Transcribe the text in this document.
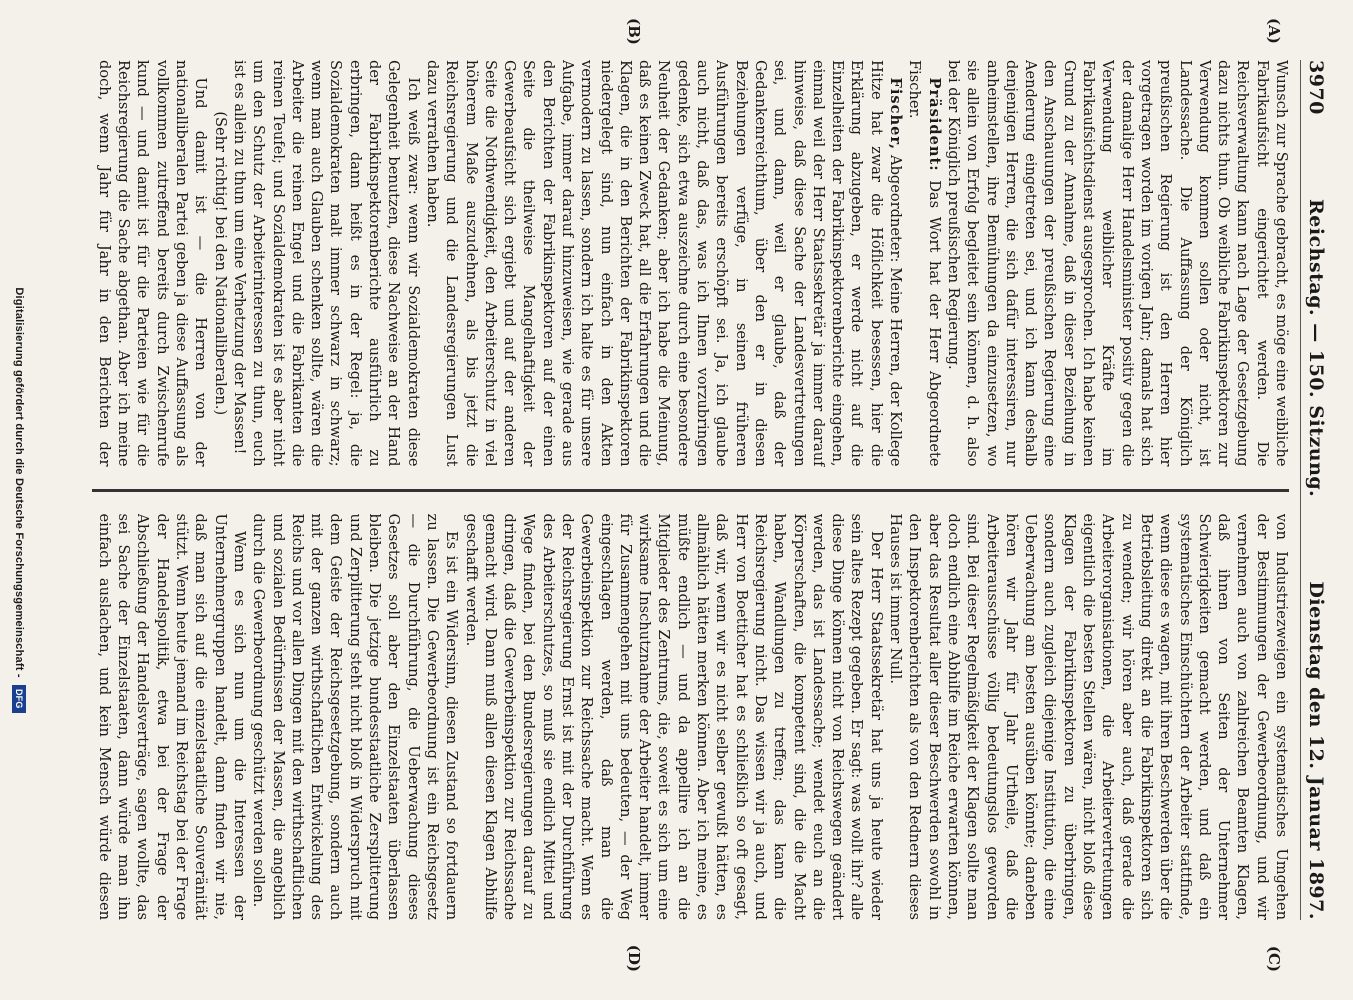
3970
Reichstag. — 150. Sitzung.
Dienstag den 12. Januar 1897.
(A)
(B)
(C)
(D)

Wunsch zur Sprache gebracht, es möge eine weibliche Fabrikaufsicht eingerichtet werden. Die Reichsverwaltung kann nach Lage der Gesetzgebung dazu nichts thun. Ob weibliche Fabrikinspektoren zur Verwendung kommen sollen oder nicht, ist Landessache. Die Auffassung der Königlich preußischen Regierung ist den Herren hier vorgetragen worden im vorigen Jahr; damals hat sich der damalige Herr Handelsminister positiv gegen die Verwendung weiblicher Kräfte im Fabrikaufsichtsdienst ausgesprochen. Ich habe keinen Grund zu der Annahme, daß in dieser Beziehung in den Anschauungen der preußischen Regierung eine Aenderung eingetreten sei, und ich kann deshalb denjenigen Herren, die sich dafür interessiren, nur anheimstellen, ihre Bemühungen da einzusetzen, wo sie allein von Erfolg begleitet sein können, d. h. also bei der Königlich preußischen Regierung.

Präsident: Das Wort hat der Herr Abgeordnete Fischer.

Fischer, Abgeordneter: Meine Herren, der Kollege Hitze hat zwar die Höflichkeit besessen, hier die Erklärung abzugeben, er werde nicht auf die Einzelheiten der Fabrikinspektorenberichte eingehen, einmal weil der Herr Staatssekretär ja immer darauf hinweise, daß diese Sache der Landesvertretungen sei, und dann, weil er glaube, daß der Gedankenreichthum, über den er in diesen Beziehungen verfüge, in seinen früheren Ausführungen bereits erschöpft sei. Ja, ich glaube auch nicht, daß das, was ich Ihnen vorzubringen gedenke, sich etwa auszeichne durch eine besondere Neuheit der Gedanken; aber ich habe die Meinung, daß es keinen Zweck hat, all die Erfahrungen und die Klagen, die in den Berichten der Fabrikinspektoren niedergelegt sind, nun einfach in den Akten vermodern zu lassen, sondern ich halte es für unsere Aufgabe, immer darauf hinzuweisen, wie gerade aus den Berichten der Fabrikinspektoren auf der einen Seite die theilweise Mangelhaftigkeit der Gewerbeaufsicht sich ergiebt und auf der anderen Seite die Nothwendigkeit, den Arbeiterschutz in viel höherem Maße auszudehnen, als bis jetzt die Reichsregierung und die Landesregierungen Lust dazu verrathen haben.

Ich weiß zwar: wenn wir Sozialdemokraten diese Gelegenheit benutzen, diese Nachweise an der Hand der Fabrikinspektorenberichte ausführlich zu erbringen, dann heißt es in der Regel: ja, die Sozialdemokraten malt immer schwarz in schwarz; wenn man auch Glauben schenken sollte, wären die Arbeiter die reinen Engel und die Fabrikanten die reinen Teufel; und Sozialdemokraten ist es aber nicht um den Schutz der Arbeiterinteressen zu thun, euch ist es allein zu thun um eine Verhetzung der Massen!

(Sehr richtig! bei den Nationalliberalen.)

Und damit ist — die Herren von der nationalliberalen Partei geben ja diese Auffassung als vollkommen zutreffend bereits durch Zwischenrufe kund — und damit ist für die Parteien wie für die Reichsregierung die Sache abgethan. Aber ich meine doch, wenn Jahr für Jahr in den Berichten der

von Industriezweigen ein systematisches Umgehen der Bestimmungen der Gewerbeordnung, und wir vernehmen auch von zahlreichen Beamten Klagen, daß ihnen von Seiten der Unternehmer Schwierigkeiten gemacht werden, und daß ein systematisches Einschüchtern der Arbeiter stattfinde, wenn diese es wagen, mit ihren Beschwerden über die Betriebsleitung direkt an die Fabrikinspektoren sich zu wenden; wir hören aber auch, daß gerade die Arbeiterorganisationen, die Arbeitervertretungen eigentlich die besten Stellen wären, nicht bloß diese Klagen der Fabrikinspektoren zu überbringen, sondern auch zugleich diejenige Institution, die eine Ueberwachung am besten ausüben könnte; daneben hören wir Jahr für Jahr Urtheile, daß die Arbeiterausschüsse völlig bedeutungslos geworden sind. Bei dieser Regelmäßigkeit der Klagen sollte man doch endlich eine Abhilfe im Reiche erwarten können, aber das Resultat aller dieser Beschwerden sowohl in den Inspektorenberichten als von den Rednern dieses Hauses ist immer Null.

Der Herr Staatssekretär hat uns ja heute wieder sein altes Rezept gegeben. Er sagt: was wollt ihr? alle diese Dinge können nicht von Reichswegen geändert werden, das ist Landessache; wendet euch an die Körperschaften, die kompetent sind, die die Macht haben, Wandlungen zu treffen; das kann die Reichsregierung nicht. Das wissen wir ja auch, und Herr von Boetticher hat es schließlich so oft gesagt, daß wir, wenn wir es nicht selber gewußt hätten, es allmählich hätten merken können. Aber ich meine, es müßte endlich — und da appellire ich an die Mitglieder des Zentrums, die, soweit es sich um eine wirksame Inschutznahme der Arbeiter handelt, immer für Zusammengehen mit uns bedeuten, — der Weg eingeschlagen werden, daß man die Gewerbeinspektion zur Reichssache macht. Wenn es der Reichsregierung Ernst ist mit der Durchführung des Arbeiterschutzes, so muß sie endlich Mittel und Wege finden, bei den Bundesregierungen darauf zu dringen, daß die Gewerbeinspektion zur Reichssache gemacht wird. Dann muß allen diesen Klagen Abhilfe geschafft werden.

Es ist ein Widersinn, diesen Zustand so fortdauern zu lassen. Die Gewerbeordnung ist ein Reichsgesetz — die Durchführung, die Ueberwachung dieses Gesetzes soll aber den Einzelstaaten überlassen bleiben. Die jetzige bundesstaatliche Zersplitterung und Zerplitterung steht nicht bloß in Widerspruch mit dem Geiste der Reichsgesetzgebung, sondern auch mit der ganzen wirthschaftlichen Entwickelung des Reichs und vor allen Dingen mit den wirthschaftlichen und sozialen Bedürfnissen der Massen, die angeblich durch die Gewerbeordnung geschützt werden sollen.

Wenn es sich nun um die Interessen der Unternehmergruppen handelt, dann finden wir nie, daß man sich auf die einzelstaatliche Souveränität stützt. Wenn heute jemand im Reichstag bei der Frage der Handelspolitik, etwa bei der Frage der Abschließung der Handelsverträge, sagen wollte, das sei Sache der Einzelstaaten, dann würde man ihn einfach auslachen, und kein Mensch würde diesen

Digitalisierung gefördert durch die Deutsche Forschungsgemeinschaft - DFG
